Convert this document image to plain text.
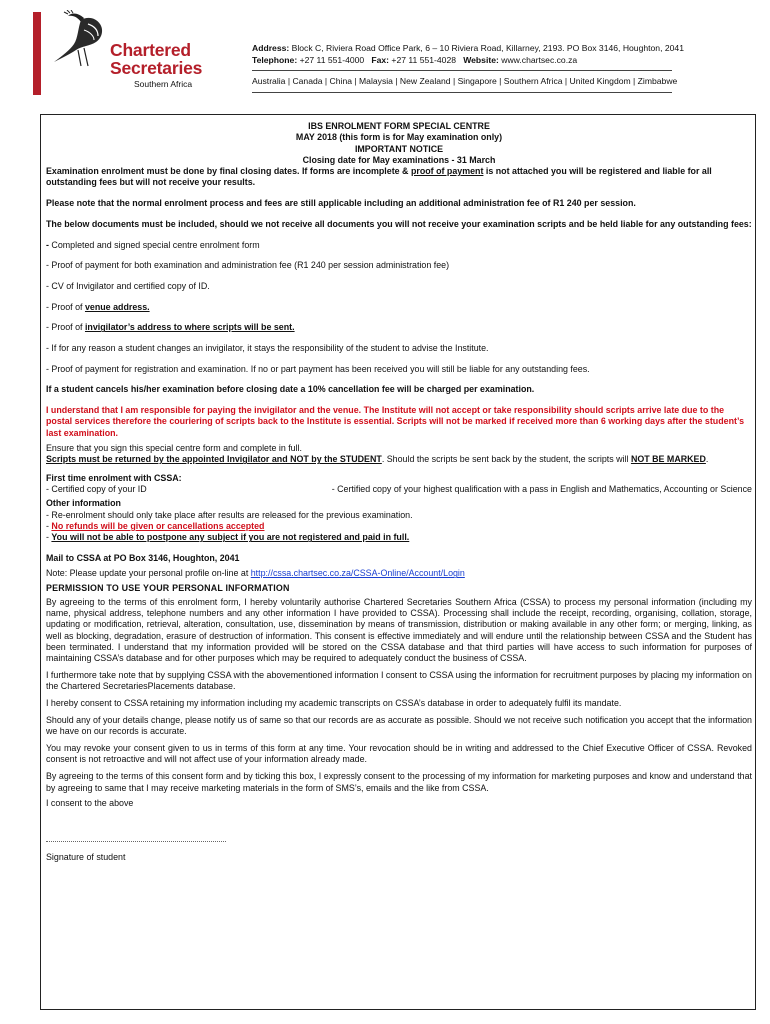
Chartered
Secretaries
Southern Africa
Address: Block C, Riviera Road Office Park, 6 – 10 Riviera Road, Killarney, 2193. PO Box 3146, Houghton, 2041
Telephone: +27 11 551-4000 Fax: +27 11 551-4028 Website: www.chartsec.co.za
Australia | Canada | China | Malaysia | New Zealand | Singapore | Southern Africa | United Kingdom | Zimbabwe

IBS ENROLMENT FORM SPECIAL CENTRE

MAY 2018 (this form is for May examination only)

IMPORTANT NOTICE

Closing date for May examinations - 31 March

Examination enrolment must be done by final closing dates. If forms are incomplete & proof of payment is not attached you will be registered and liable for all outstanding fees but will not receive your results.

Please note that the normal enrolment process and fees are still applicable including an additional administration fee of R1 240 per session.

The below documents must be included, should we not receive all documents you will not receive your examination scripts and be held liable for any outstanding fees:

- Completed and signed special centre enrolment form

- Proof of payment for both examination and administration fee (R1 240 per session administration fee)

- CV of Invigilator and certified copy of ID.

- Proof of venue address.

- Proof of invigilator’s address to where scripts will be sent.

- If for any reason a student changes an invigilator, it stays the responsibility of the student to advise the Institute.

- Proof of payment for registration and examination. If no or part payment has been received you will still be liable for any outstanding fees.

If a student cancels his/her examination before closing date a 10% cancellation fee will be charged per examination.

I understand that I am responsible for paying the invigilator and the venue. The Institute will not accept or take responsibility should scripts arrive late due to the postal services therefore the couriering of scripts back to the Institute is essential. Scripts will not be marked if received more than 6 working days after the student’s last examination.

Ensure that you sign this special centre form and complete in full.

Scripts must be returned by the appointed Invigilator and NOT by the STUDENT. Should the scripts be sent back by the student, the scripts will NOT BE MARKED.

First time enrolment with CSSA:

- Certified copy of your ID	- Certified copy of your highest qualification with a pass in English and Mathematics, Accounting or Science

Other information

- Re-enrolment should only take place after results are released for the previous examination.

- No refunds will be given or cancellations accepted

- You will not be able to postpone any subject if you are not registered and paid in full.

Mail to CSSA at PO Box 3146, Houghton, 2041

Note: Please update your personal profile on-line at http://cssa.chartsec.co.za/CSSA-Online/Account/Login

PERMISSION TO USE YOUR PERSONAL INFORMATION

By agreeing to the terms of this enrolment form, I hereby voluntarily authorise Chartered Secretaries Southern Africa (CSSA) to process my personal information (including my name, physical address, telephone numbers and any other information I have provided to CSSA). Processing shall include the receipt, recording, organising, collation, storage, updating or modification, retrieval, alteration, consultation, use, dissemination by means of transmission, distribution or making available in any other form; or merging, linking, as well as blocking, degradation, erasure of destruction of information. This consent is effective immediately and will endure until the relationship between CSSA and the Student has been terminated. I understand that my information provided will be stored on the CSSA database and that third parties will have access to such information for purposes of maintaining CSSA’s database and for other purposes which may be required to adequately conduct the business of CSSA.

I furthermore take note that by supplying CSSA with the abovementioned information I consent to CSSA using the information for recruitment purposes by placing my information on the Chartered SecretariesPlacements database.

I hereby consent to CSSA retaining my information including my academic transcripts on CSSA’s database in order to adequately fulfil its mandate.

Should any of your details change, please notify us of same so that our records are as accurate as possible. Should we not receive such notification you accept that the information we have on our records is accurate.

You may revoke your consent given to us in terms of this form at any time. Your revocation should be in writing and addressed to the Chief Executive Officer of CSSA. Revoked consent is not retroactive and will not affect use of your information already made.

By agreeing to the terms of this consent form and by ticking this box, I expressly consent to the processing of my information for marketing purposes and know and understand that by agreeing to same that I may receive marketing materials in the form of SMS’s, emails and the like from CSSA.

I consent to the above

Signature of student
